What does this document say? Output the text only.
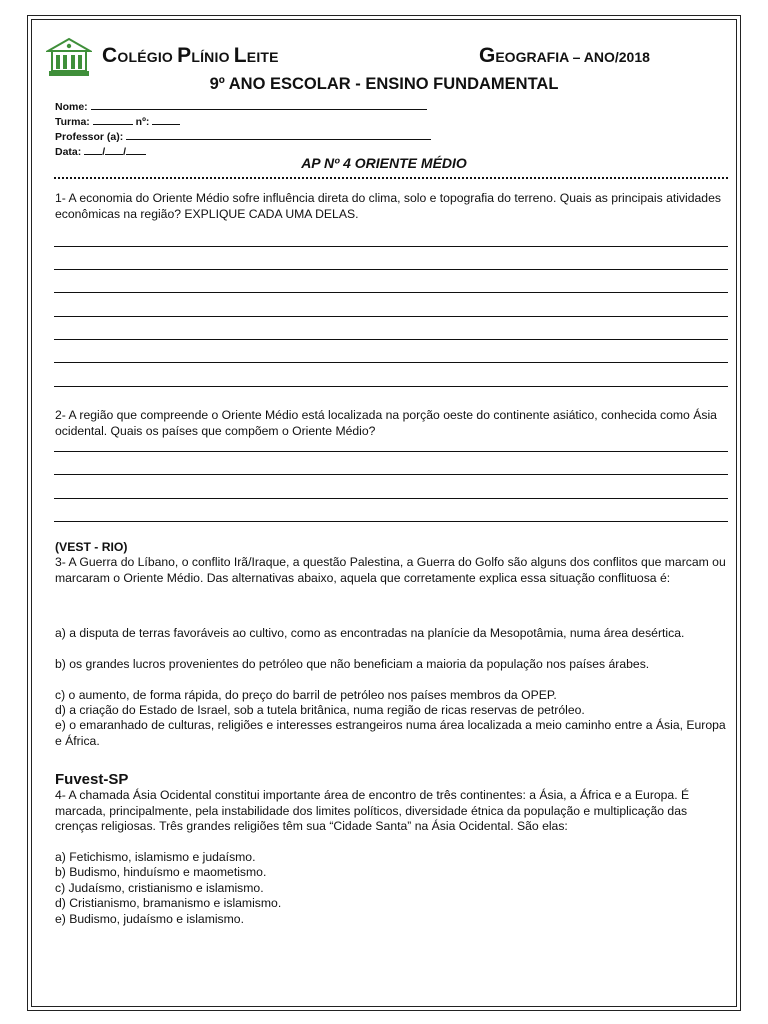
COLÉGIO PLÍNIO LEITE	GEOGRAFIA – ANO/2018
9º ANO ESCOLAR - ENSINO FUNDAMENTAL
Nome:
Turma:	nº:
Professor (a):
Data: / /
AP Nº 4 ORIENTE MÉDIO
1- A economia do Oriente Médio sofre influência direta do clima, solo e topografia do terreno. Quais as principais atividades econômicas na região? EXPLIQUE CADA UMA DELAS.
2- A região que compreende o Oriente Médio está localizada na porção oeste do continente asiático, conhecida como Ásia ocidental. Quais os países que compõem o Oriente Médio?
(VEST - RIO)
3- A Guerra do Líbano, o conflito Irã/Iraque, a questão Palestina, a Guerra do Golfo são alguns dos conflitos que marcam ou marcaram o Oriente Médio. Das alternativas abaixo, aquela que corretamente explica essa situação conflituosa é:
a) a disputa de terras favoráveis ao cultivo, como as encontradas na planície da Mesopotâmia, numa área desértica.
b) os grandes lucros provenientes do petróleo que não beneficiam a maioria da população nos países árabes.
c) o aumento, de forma rápida, do preço do barril de petróleo nos países membros da OPEP.
d) a criação do Estado de Israel, sob a tutela britânica, numa região de ricas reservas de petróleo.
e) o emaranhado de culturas, religiões e interesses estrangeiros numa área localizada a meio caminho entre a Ásia, Europa e África.
Fuvest-SP
4- A chamada Ásia Ocidental constitui importante área de encontro de três continentes: a Ásia, a África e a Europa. É marcada, principalmente, pela instabilidade dos limites políticos, diversidade étnica da população e multiplicação das crenças religiosas. Três grandes religiões têm sua “Cidade Santa” na Ásia Ocidental. São elas:
a) Fetichismo, islamismo e judaísmo.
b) Budismo, hinduísmo e maometismo.
c) Judaísmo, cristianismo e islamismo.
d) Cristianismo, bramanismo e islamismo.
e) Budismo, judaísmo e islamismo.
